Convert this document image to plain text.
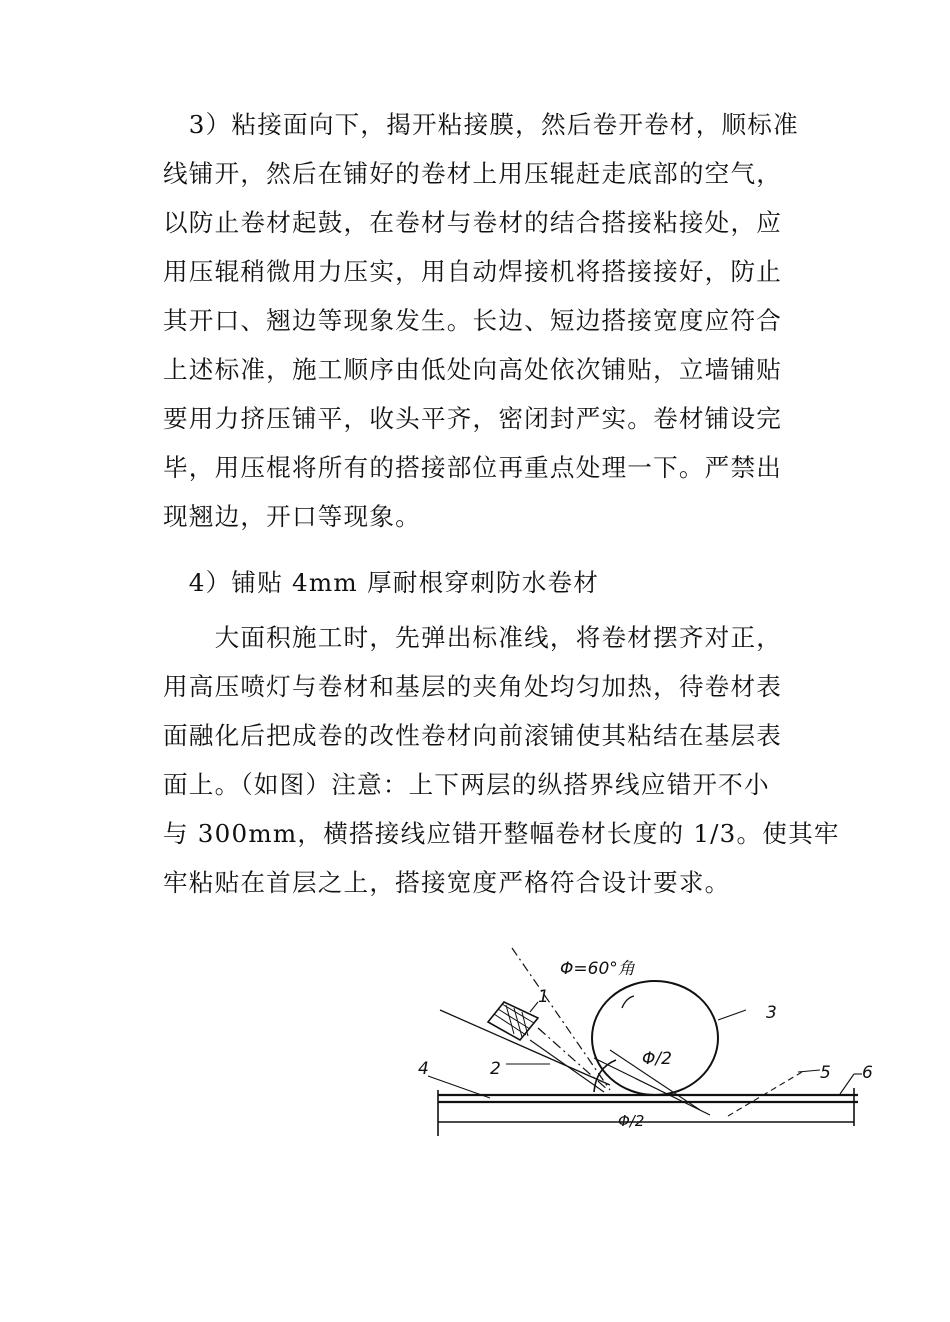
　3）粘接面向下，揭开粘接膜，然后卷开卷材，顺标准
线铺开，然后在铺好的卷材上用压辊赶走底部的空气，
以防止卷材起鼓，在卷材与卷材的结合搭接粘接处，应
用压辊稍微用力压实，用自动焊接机将搭接接好，防止
其开口、翘边等现象发生。长边、短边搭接宽度应符合
上述标准，施工顺序由低处向高处依次铺贴，立墙铺贴
要用力挤压铺平，收头平齐，密闭封严实。卷材铺设完
毕，用压棍将所有的搭接部位再重点处理一下。严禁出
现翘边，开口等现象。

　4）铺贴 4mm 厚耐根穿刺防水卷材

　　大面积施工时，先弹出标准线，将卷材摆齐对正，
用高压喷灯与卷材和基层的夹角处均匀加热，待卷材表
面融化后把成卷的改性卷材向前滚铺使其粘结在基层表
面上。（如图）注意：上下两层的纵搭界线应错开不小
与 300mm，横搭接线应错开整幅卷材长度的 1/3。使其牢
牢粘贴在首层之上，搭接宽度严格符合设计要求。
Φ=60°角
Φ/2
Φ/2
1
2
3
4	5 6
